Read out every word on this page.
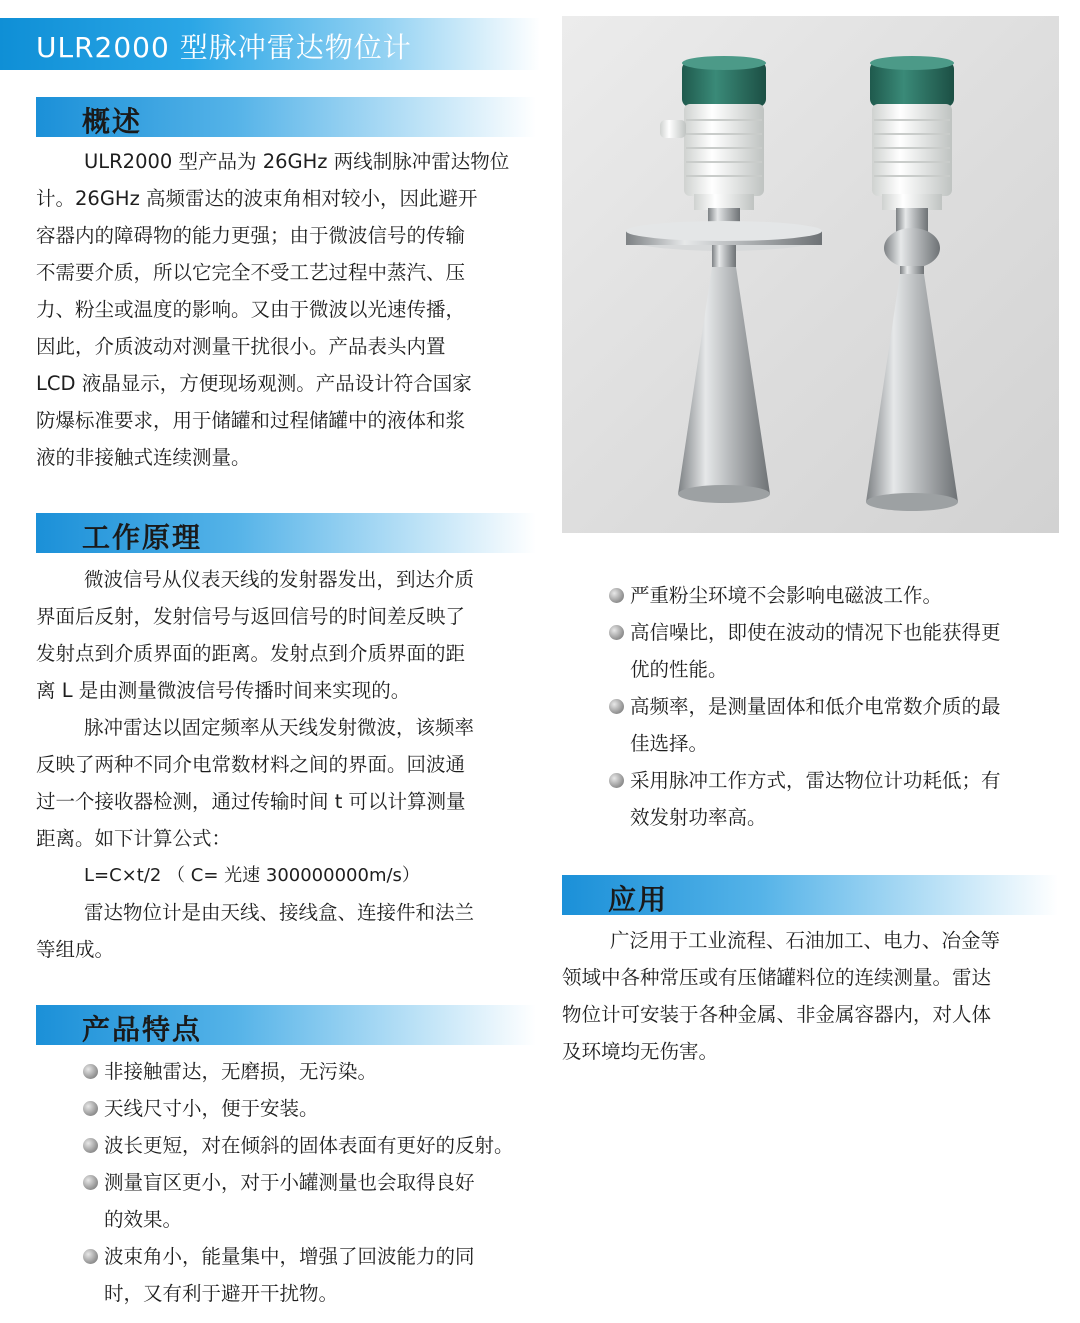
ULR2000 型脉冲雷达物位计
概述

ULR2000 型产品为 26GHz 两线制脉冲雷达物位

计。26GHz 高频雷达的波束角相对较小，因此避开

容器内的障碍物的能力更强；由于微波信号的传输

不需要介质，所以它完全不受工艺过程中蒸汽、压

力、粉尘或温度的影响。又由于微波以光速传播，

因此，介质波动对测量干扰很小。产品表头内置

LCD 液晶显示，方便现场观测。产品设计符合国家

防爆标准要求，用于储罐和过程储罐中的液体和浆

液的非接触式连续测量。

工作原理

微波信号从仪表天线的发射器发出，到达介质

界面后反射，发射信号与返回信号的时间差反映了

发射点到介质界面的距离。发射点到介质界面的距

离 L 是由测量微波信号传播时间来实现的。

脉冲雷达以固定频率从天线发射微波，该频率

反映了两种不同介电常数材料之间的界面。回波通

过一个接收器检测，通过传输时间 t 可以计算测量

距离。如下计算公式：

L=C×t/2 （ C= 光速 300000000m/s）

雷达物位计是由天线、接线盒、连接件和法兰

等组成。

产品特点
非接触雷达，无磨损，无污染。
天线尺寸小，便于安装。
波长更短，对在倾斜的固体表面有更好的反射。
测量盲区更小，对于小罐测量也会取得良好
的效果。
波束角小，能量集中，增强了回波能力的同
时，又有利于避开干扰物。
严重粉尘环境不会影响电磁波工作。
高信噪比，即使在波动的情况下也能获得更
优的性能。
高频率，是测量固体和低介电常数介质的最
佳选择。
采用脉冲工作方式，雷达物位计功耗低；有
效发射功率高。
应用

广泛用于工业流程、石油加工、电力、冶金等

领域中各种常压或有压储罐料位的连续测量。雷达

物位计可安装于各种金属、非金属容器内，对人体

及环境均无伤害。
